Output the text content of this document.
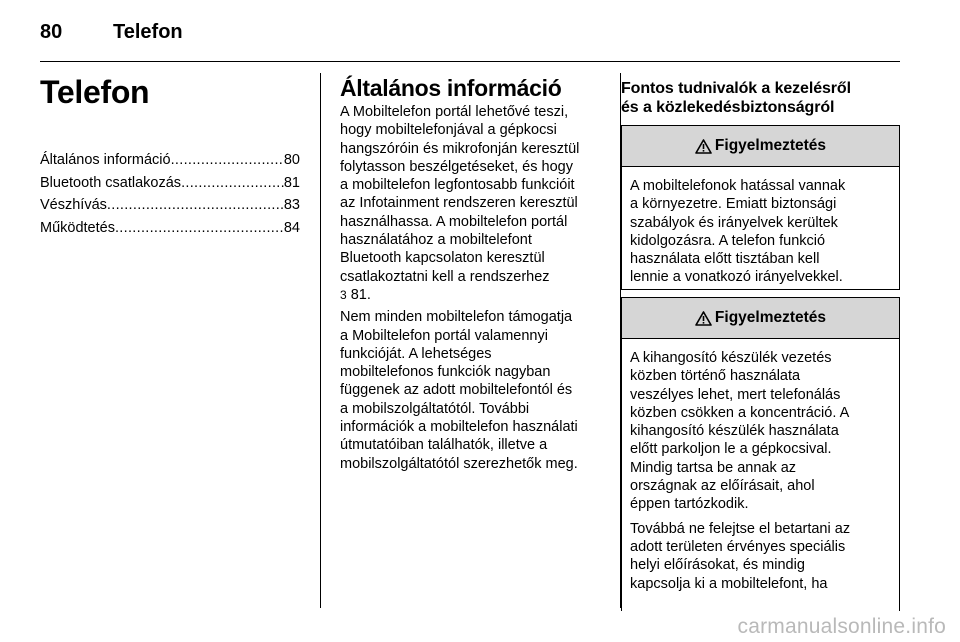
80	Telefon
Telefon
Általános információ .....	80
Bluetooth csatlakozás .....	81
Vészhívás .....	83
Működtetés .....	84
Általános információ

A Mobiltelefon portál lehetővé teszi,
hogy mobiltelefonjával a gépkocsi
hangszóróin és mikrofonján keresztül
folytasson beszélgetéseket, és hogy
a mobiltelefon legfontosabb funkcióit
az Infotainment rendszeren keresztül
használhassa. A mobiltelefon portál
használatához a mobiltelefont
Bluetooth kapcsolaton keresztül
csatlakoztatni kell a rendszerhez
3 81.

Nem minden mobiltelefon támogatja
a Mobiltelefon portál valamennyi
funkcióját. A lehetséges
mobiltelefonos funkciók nagyban
függenek az adott mobiltelefontól és
a mobilszolgáltatótól. További
információk a mobiltelefon használati
útmutatóiban találhatók, illetve a
mobilszolgáltatótól szerezhetők meg.

Fontos tudnivalók a kezelésről
és a közlekedésbiztonságról
Figyelmeztetés

A mobiltelefonok hatással vannak
a környezetre. Emiatt biztonsági
szabályok és irányelvek kerültek
kidolgozásra. A telefon funkció
használata előtt tisztában kell
lennie a vonatkozó irányelvekkel.

Figyelmeztetés

A kihangosító készülék vezetés
közben történő használata
veszélyes lehet, mert telefonálás
közben csökken a koncentráció. A
kihangosító készülék használata
előtt parkoljon le a gépkocsival.
Mindig tartsa be annak az
országnak az előírásait, ahol
éppen tartózkodik.

Továbbá ne felejtse el betartani az
adott területen érvényes speciális
helyi előírásokat, és mindig
kapcsolja ki a mobiltelefont, ha

carmanualsonline.info
